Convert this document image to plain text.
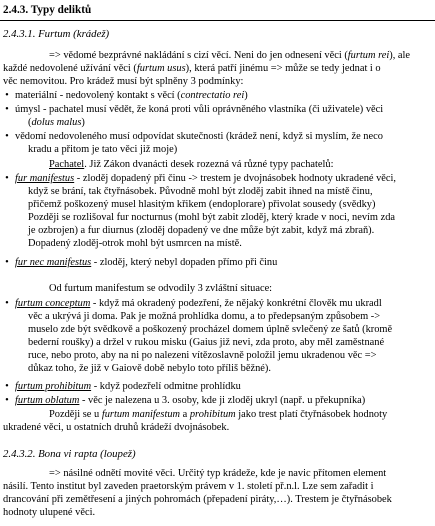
2.4.3. Typy deliktů
2.4.3.1. Furtum (krádež)
=> vědomé bezprávné nakládání s cizí věcí. Neni do jen odnesení věci (furtum rei), ale
každé nedovolené užívání věci (furtum usus), která patří jinému => může se tedy jednat i o
věc nemovitou. Pro krádež musí být splněny 3 podmínky:
• materiální - nedovolený kontakt s věcí (contrectatio rei)
• úmysl - pachatel musí vědět, že koná proti vůli oprávněného vlastníka (či uživatele) věci
(dolus malus)
• vědomí nedovoleného musí odpovídat skutečnosti (krádež není, když si myslím, že neco
kradu a přitom je tato věci již moje)
Pachatel. Již Zákon dvanácti desek rozezná vá různé typy pachatelů:
• fur manifestus - zloděj dopadený při činu -> trestem je dvojnásobek hodnoty ukradené věci,
když se brání, tak čtyřnásobek. Původně mohl být zloděj zabit ihned na místě činu,
přičemž poškozený musel hlasitým křikem (endoplorare) přivolat sousedy (svědky)
Později se rozlišoval fur nocturnus (mohl být zabit zloděj, který krade v noci, nevím zda
je ozbrojen) a fur diurnus (zloděj dopadený ve dne může být zabit, když má zbraň).
Dopadený zloděj-otrok mohl být usmrcen na místě.
• fur nec manifestus - zloděj, který nebyl dopaden přímo při činu
Od furtum manifestum se odvodily 3 zvláštní situace:
• furtum conceptum - když má okradený podezření, že nějaký konkrétní člověk mu ukradl
věc a ukrývá ji doma. Pak je možná prohlídka domu, a to předepsaným způsobem ->
muselo zde být svědkově a poškozený procházel domem úplně svlečený ze šatů (kromě
bederní roušky) a držel v rukou misku (Gaius již nevi, zda proto, aby měl zaměstnané
ruce, nebo proto, aby na ni po nalezeni vítězoslavně položil jemu ukradenou věc =>
důkaz toho, že již v Gaiově době nebylo toto příliš běžné).
• furtum prohibitum - když podezřelí odmitne prohlídku
• furtum oblatum - věc je nalezena u 3. osoby, kde ji zloděj ukryl (např. u překupníka)
Později se u furtum manifestum a prohibitum jako trest platí čtyřnásobek hodnoty
ukradené věci, u ostatních druhů krádeží dvojnásobek.
2.4.3.2. Bona vi rapta (loupež)
=> násilné odnětí movité věci. Určitý typ krádeže, kde je navic přítomen element
násilí. Tento institut byl zaveden praetorským právem v 1. století př.n.l. Lze sem zařadit i
drancování při zemětřesení a jiných pohromách (přepadení piráty,…). Trestem je čtyřnásobek
hodnoty ulupené věci.
